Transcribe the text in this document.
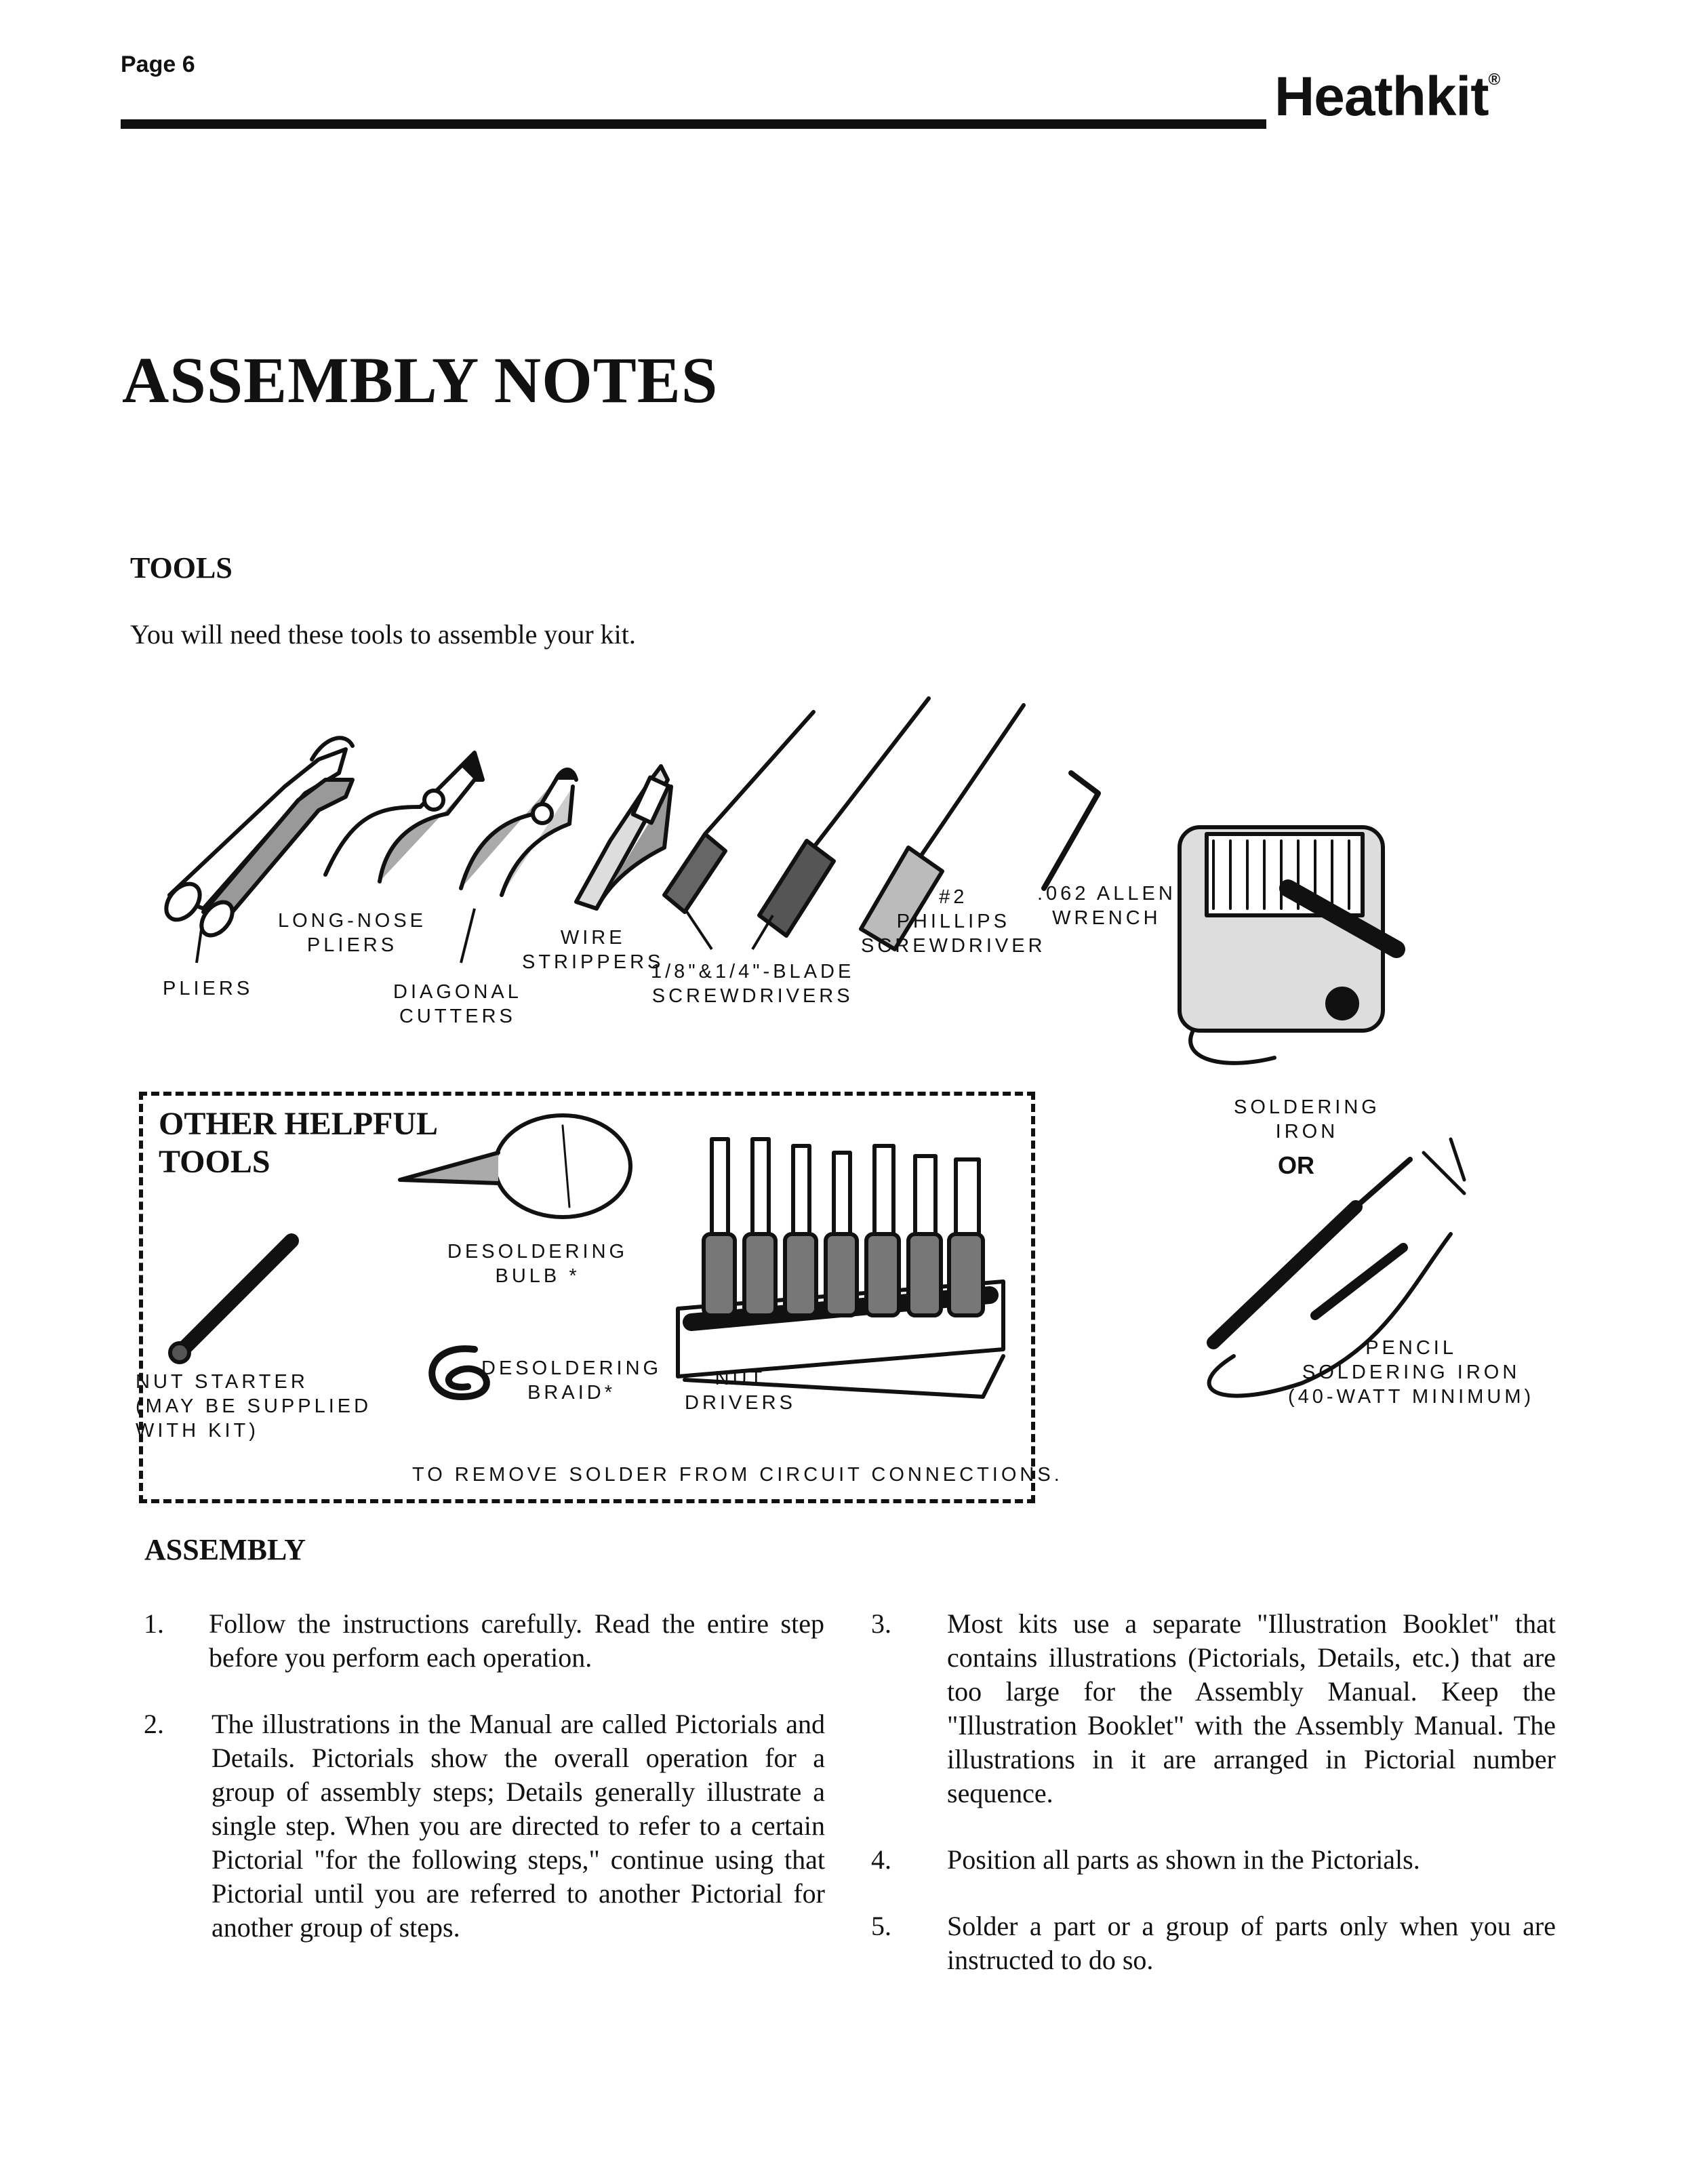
Page 6
Heathkit®
ASSEMBLY NOTES
TOOLS
You will need these tools to assemble your kit.
PLIERS
LONG-NOSE
PLIERS
DIAGONAL
CUTTERS
WIRE
STRIPPERS
1/8"&1/4"-BLADE
SCREWDRIVERS
#2
PHILLIPS
SCREWDRIVER
.062 ALLEN
WRENCH
SOLDERING
IRON
OR
PENCIL
SOLDERING IRON
(40-WATT MINIMUM)
OTHER HELPFUL
TOOLS
DESOLDERING
BULB *
DESOLDERING
BRAID*
NUT STARTER
(MAY BE SUPPLIED
WITH KIT)
NUT
DRIVERS
TO REMOVE SOLDER FROM CIRCUIT CONNECTIONS.
ASSEMBLY
1.	Follow the instructions carefully. Read the entire step before you perform each operation.
2.	The illustrations in the Manual are called Pictorials and Details. Pictorials show the overall operation for a group of assembly steps; Details generally illustrate a single step. When you are directed to refer to a certain Pictorial "for the following steps," continue using that Pictorial until you are referred to another Pictorial for another group of steps.
3.	Most kits use a separate "Illustration Booklet" that contains illustrations (Pictorials, Details, etc.) that are too large for the Assembly Manual. Keep the "Illustration Booklet" with the Assembly Manual. The illustrations in it are arranged in Pictorial number sequence.
4.	Position all parts as shown in the Pictorials.
5.	Solder a part or a group of parts only when you are instructed to do so.
